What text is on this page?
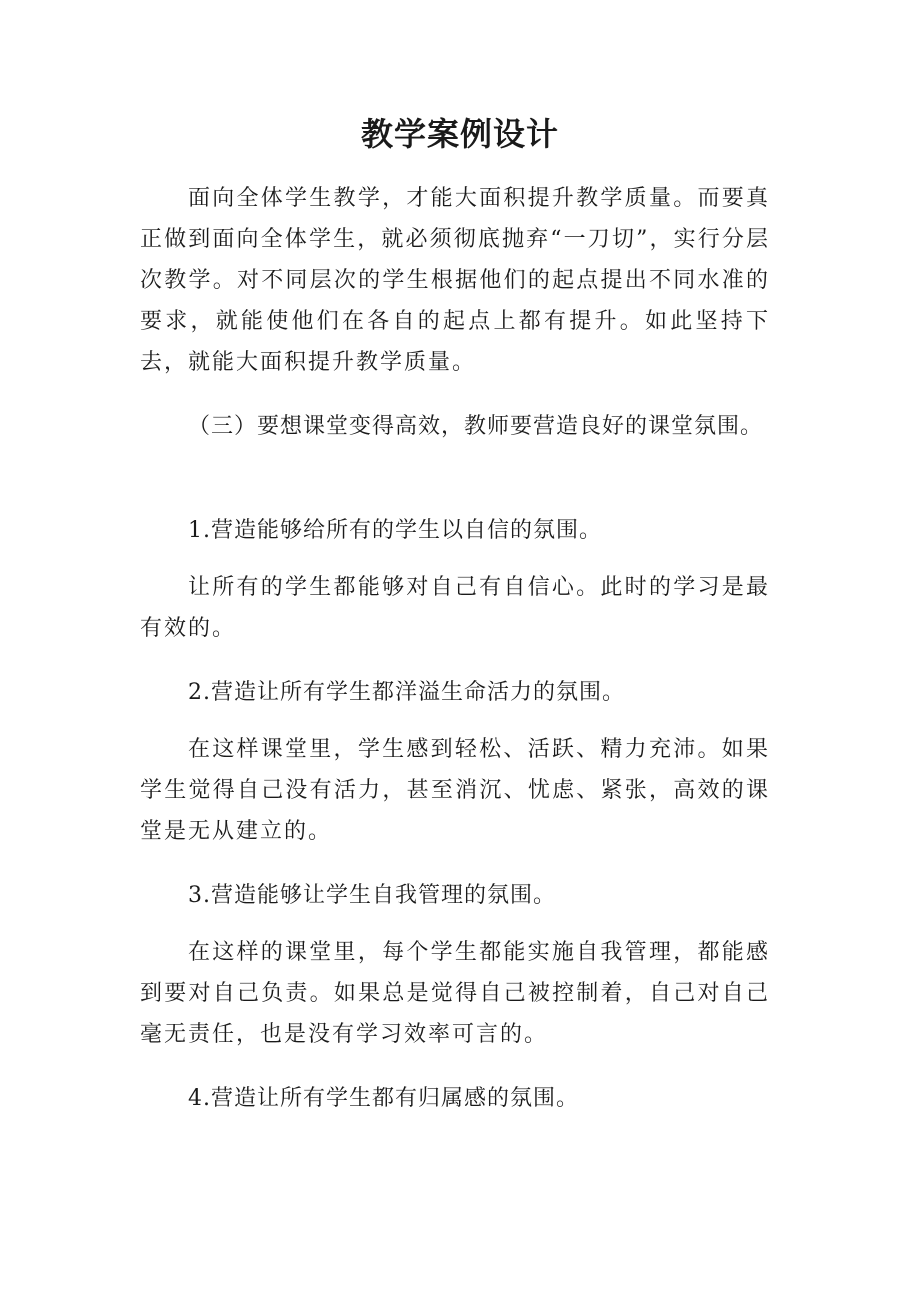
教学案例设计

面向全体学生教学，才能大面积提升教学质量。而要真正做到面向全体学生，就必须彻底抛弃“一刀切”，实行分层次教学。对不同层次的学生根据他们的起点提出不同水准的要求，就能使他们在各自的起点上都有提升。如此坚持下去，就能大面积提升教学质量。

（三）要想课堂变得高效，教师要营造良好的课堂氛围。

1.营造能够给所有的学生以自信的氛围。

让所有的学生都能够对自己有自信心。此时的学习是最有效的。

2.营造让所有学生都洋溢生命活力的氛围。

在这样课堂里，学生感到轻松、活跃、精力充沛。如果学生觉得自己没有活力，甚至消沉、忧虑、紧张，高效的课堂是无从建立的。

3.营造能够让学生自我管理的氛围。

在这样的课堂里，每个学生都能实施自我管理，都能感到要对自己负责。如果总是觉得自己被控制着，自己对自己毫无责任，也是没有学习效率可言的。

4.营造让所有学生都有归属感的氛围。
